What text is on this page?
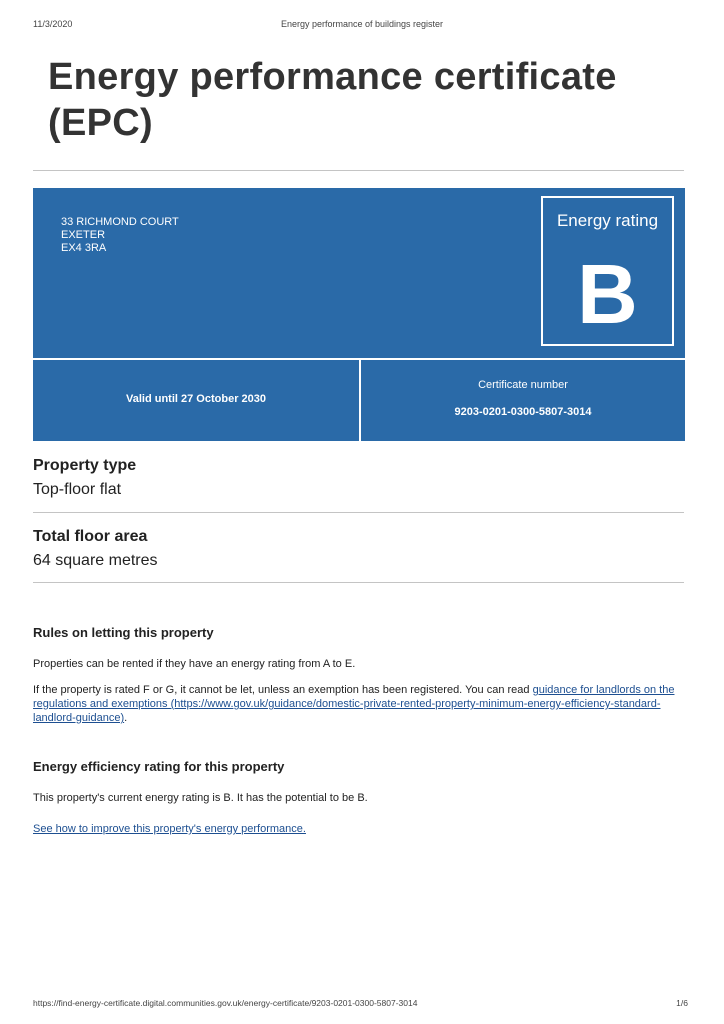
11/3/2020	Energy performance of buildings register
Energy performance certificate
(EPC)
33 RICHMOND COURT
EXETER
EX4 3RA
Energy rating
B
Valid until 27 October 2030
Certificate number
9203-0201-0300-5807-3014
Property type
Top-floor flat
Total floor area
64 square metres
Rules on letting this property
Properties can be rented if they have an energy rating from A to E.
If the property is rated F or G, it cannot be let, unless an exemption has been registered. You can read guidance for landlords on the regulations and exemptions (https://www.gov.uk/guidance/domestic-private-rented-property-minimum-energy-efficiency-standard-landlord-guidance).
Energy efficiency rating for this property
This property's current energy rating is B. It has the potential to be B.
See how to improve this property's energy performance.
https://find-energy-certificate.digital.communities.gov.uk/energy-certificate/9203-0201-0300-5807-3014	1/6
